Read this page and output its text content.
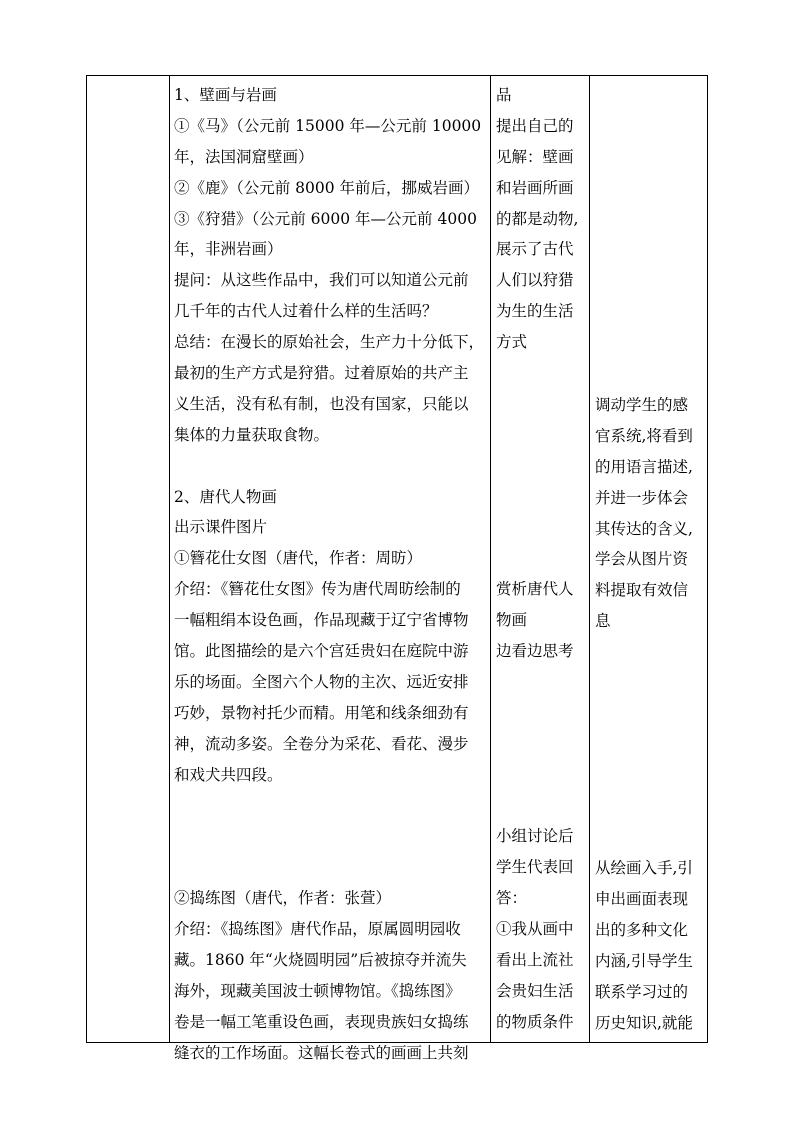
1、壁画与岩画
①《马》（公元前 15000 年—公元前 10000
年，法国洞窟壁画）
②《鹿》（公元前 8000 年前后，挪威岩画）
③《狩猎》（公元前 6000 年—公元前 4000
年，非洲岩画）
提问：从这些作品中，我们可以知道公元前
几千年的古代人过着什么样的生活吗？
总结：在漫长的原始社会，生产力十分低下，
最初的生产方式是狩猎。过着原始的共产主
义生活，没有私有制，也没有国家，只能以
集体的力量获取食物。
2、唐代人物画
出示课件图片
①簪花仕女图（唐代，作者：周昉）
介绍：《簪花仕女图》传为唐代周昉绘制的
一幅粗绢本设色画，作品现藏于辽宁省博物
馆。此图描绘的是六个宫廷贵妇在庭院中游
乐的场面。全图六个人物的主次、远近安排
巧妙，景物衬托少而精。用笔和线条细劲有
神，流动多姿。全卷分为采花、看花、漫步
和戏犬共四段。
②捣练图（唐代，作者：张萱）
介绍：《捣练图》唐代作品，原属圆明园收
藏。1860 年“火烧圆明园”后被掠夺并流失
海外，现藏美国波士顿博物馆。《捣练图》
卷是一幅工笔重设色画，表现贵族妇女捣练
缝衣的工作场面。这幅长卷式的画画上共刻
品
提出自己的
见解：壁画
和岩画所画
的都是动物,
展示了古代
人们以狩猎
为生的生活
方式
赏析唐代人
物画
边看边思考
小组讨论后
学生代表回
答：
①我从画中
看出上流社
会贵妇生活
的物质条件
调动学生的感
官系统,将看到
的用语言描述,
并进一步体会
其传达的含义,
学会从图片资
料提取有效信
息
从绘画入手,引
申出画面表现
出的多种文化
内涵,引导学生
联系学习过的
历史知识,就能
